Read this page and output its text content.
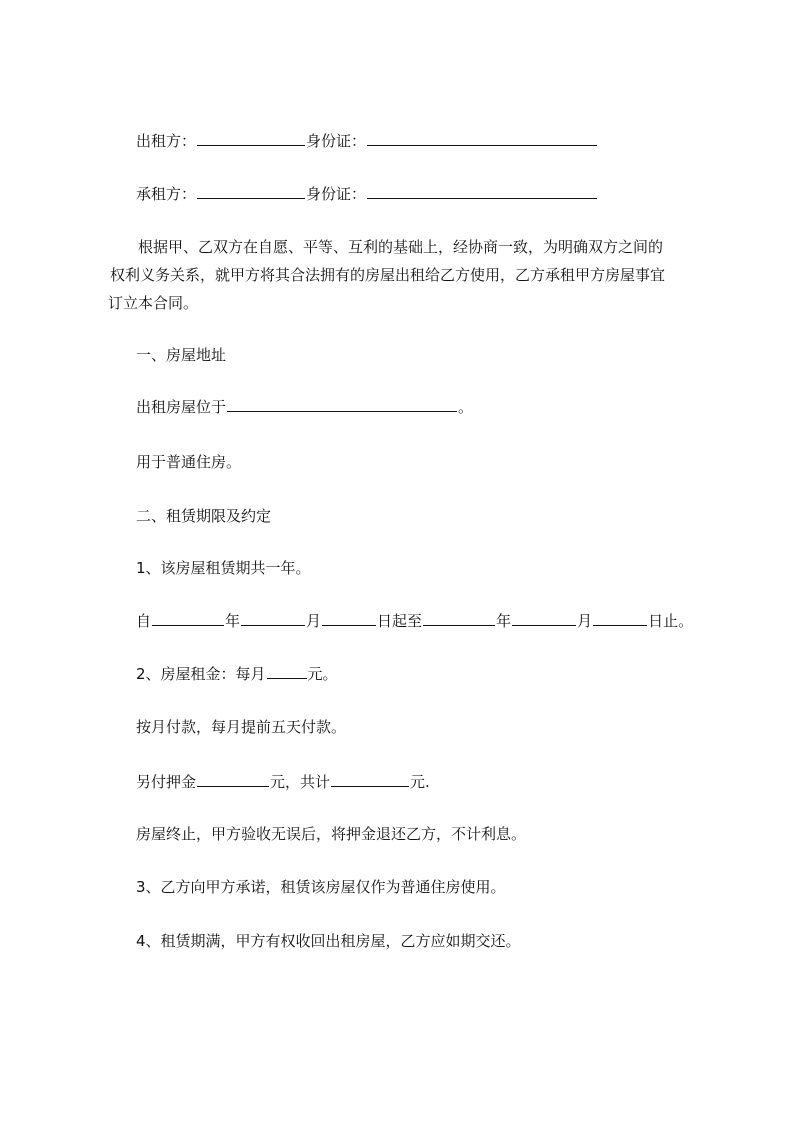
出租方：	身份证：
承租方：	身份证：
根据甲、乙双方在自愿、平等、互利的基础上，经协商一致，为明确双方之间的
权利义务关系，就甲方将其合法拥有的房屋出租给乙方使用，乙方承租甲方房屋事宜
订立本合同。
一、房屋地址
出租房屋位于	。
用于普通住房。
二、租赁期限及约定
1、该房屋租赁期共一年。
自	年	月	日起至	年	月	日止。
2、房屋租金：每月	元。
按月付款，每月提前五天付款。
另付押金	元，共计	元.
房屋终止，甲方验收无误后，将押金退还乙方，不计利息。
3、乙方向甲方承诺，租赁该房屋仅作为普通住房使用。
4、租赁期满，甲方有权收回出租房屋，乙方应如期交还。
